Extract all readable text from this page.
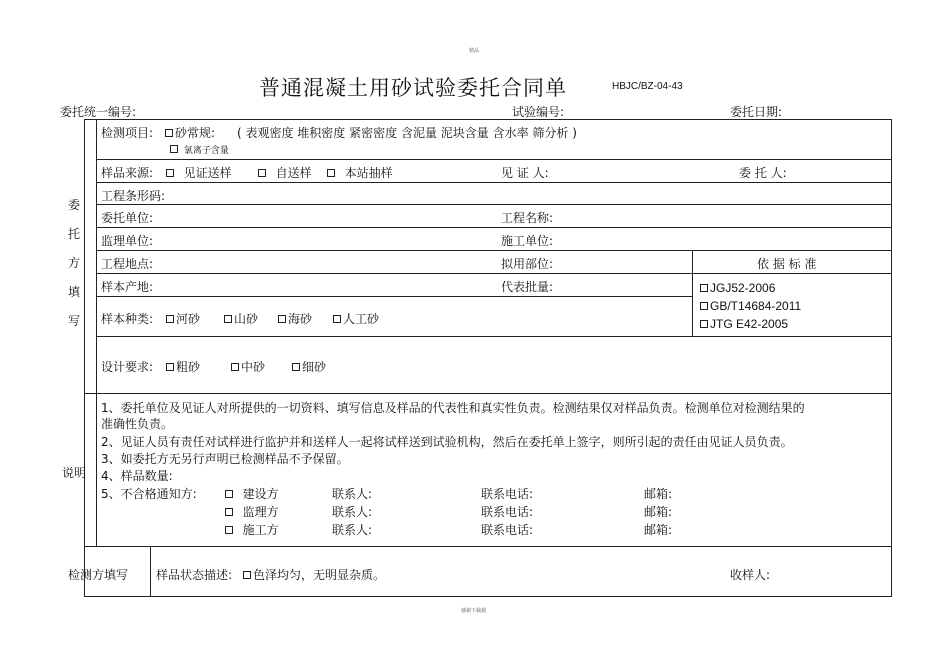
精品
普通混凝土用砂试验委托合同单	HBJC/BZ-04-43
委托统一编号:	试验编号:	委托日期:
委
托
方
填
写
说明
检测方填写
检测项目:	砂常规: ( 表观密度 堆积密度 紧密密度 含泥量 泥块含量 含水率 筛分析 )
氯离子含量
样品来源:	见证送样	自送样	本站抽样	见 证 人:	委 托 人:
工程条形码:
委托单位:	工程名称:
监理单位:	施工单位:
工程地点:	拟用部位:	依 据 标 准
样本产地:	代表批量:	JGJ52-2006
GB/T14684-2011
JTG E42-2005
样本种类:	河砂	山砂	海砂	人工砂
设计要求:	粗砂	中砂	细砂
1、委托单位及见证人对所提供的一切资料、填写信息及样品的代表性和真实性负责。检测结果仅对样品负责。检测单位对检测结果的
准确性负责。
2、见证人员有责任对试样进行监护并和送样人一起将试样送到试验机构，然后在委托单上签字，则所引起的责任由见证人员负责。
3、如委托方无另行声明已检测样品不予保留。
4、样品数量:
5、不合格通知方:	建设方	联系人:	联系电话:	邮箱:
监理方	联系人:	联系电话:	邮箱:
施工方	联系人:	联系电话:	邮箱:
样品状态描述:	色泽均匀，无明显杂质。	收样人:
感谢下载载
